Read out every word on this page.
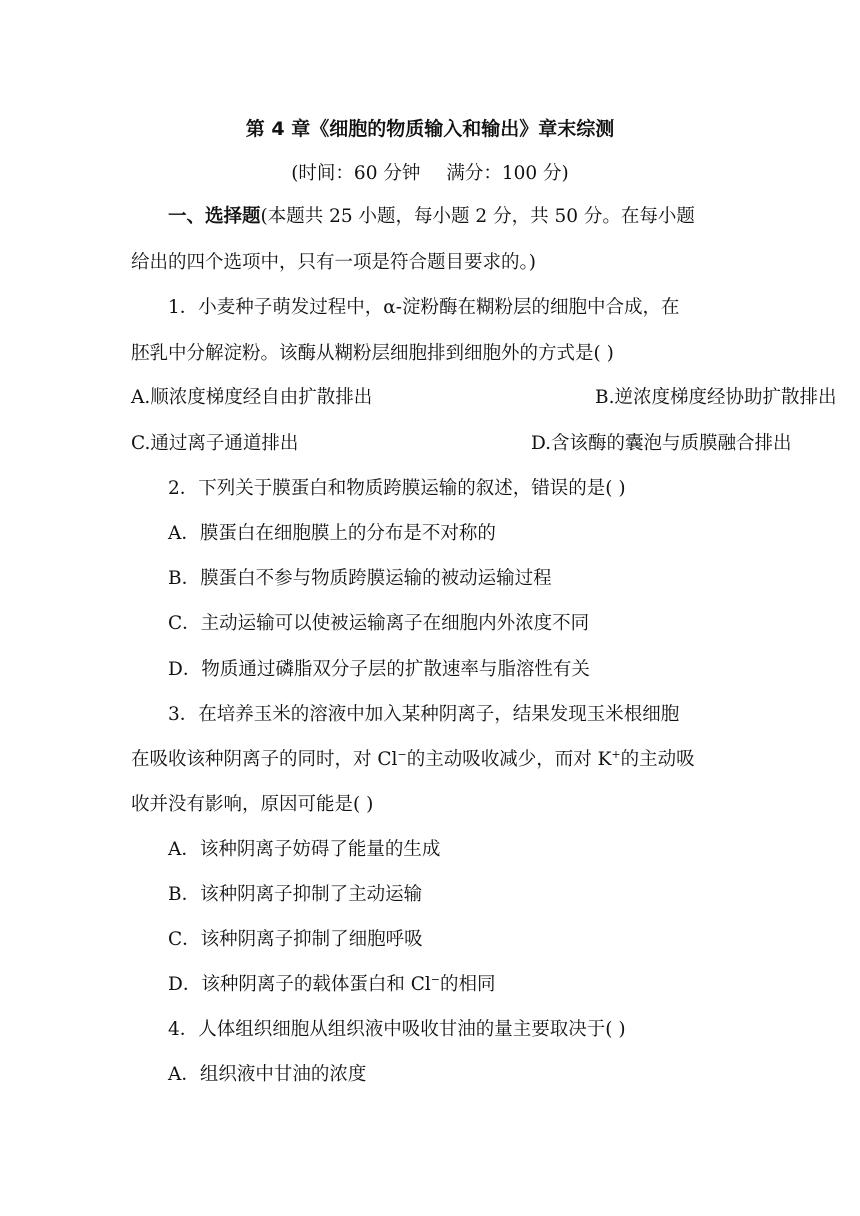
第 4 章《细胞的物质输入和输出》章末综测
(时间：60 分钟 满分：100 分)
一、选择题(本题共 25 小题，每小题 2 分，共 50 分。在每小题
给出的四个选项中，只有一项是符合题目要求的。)
1．小麦种子萌发过程中，α-淀粉酶在糊粉层的细胞中合成，在
胚乳中分解淀粉。该酶从糊粉层细胞排到细胞外的方式是( )
A.顺浓度梯度经自由扩散排出	B.逆浓度梯度经协助扩散排出
C.通过离子通道排出	D.含该酶的囊泡与质膜融合排出
2．下列关于膜蛋白和物质跨膜运输的叙述，错误的是( )
A．膜蛋白在细胞膜上的分布是不对称的
B．膜蛋白不参与物质跨膜运输的被动运输过程
C．主动运输可以使被运输离子在细胞内外浓度不同
D．物质通过磷脂双分子层的扩散速率与脂溶性有关
3．在培养玉米的溶液中加入某种阴离子，结果发现玉米根细胞
在吸收该种阴离子的同时，对 Cl−的主动吸收减少，而对 K+的主动吸
收并没有影响，原因可能是( )
A．该种阴离子妨碍了能量的生成
B．该种阴离子抑制了主动运输
C．该种阴离子抑制了细胞呼吸
D．该种阴离子的载体蛋白和 Cl−的相同
4．人体组织细胞从组织液中吸收甘油的量主要取决于( )
A．组织液中甘油的浓度
